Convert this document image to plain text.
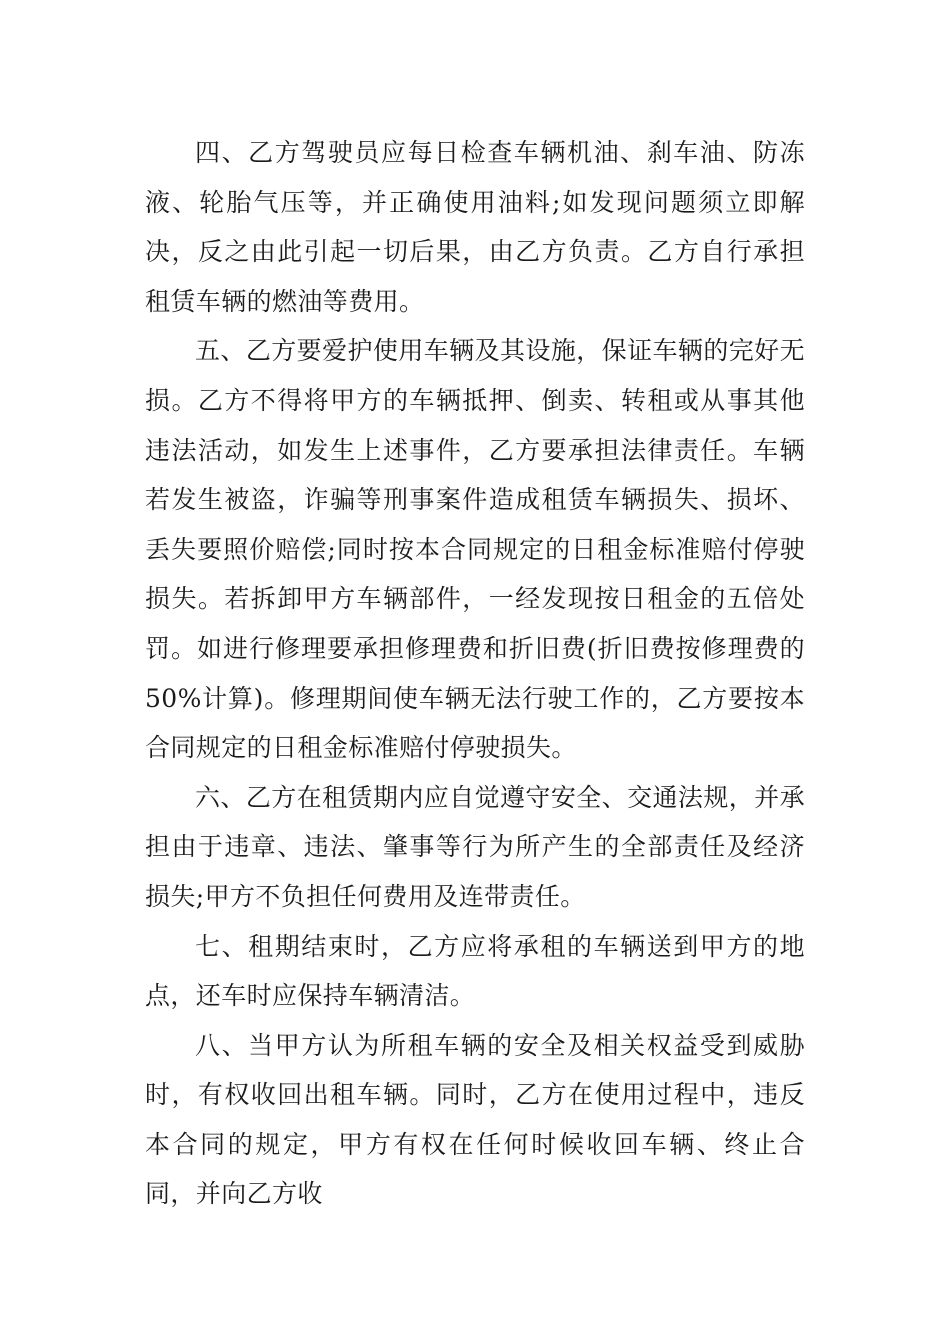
四、乙方驾驶员应每日检查车辆机油、刹车油、防冻液、轮胎气压等，并正确使用油料;如发现问题须立即解决，反之由此引起一切后果，由乙方负责。乙方自行承担租赁车辆的燃油等费用。

五、乙方要爱护使用车辆及其设施，保证车辆的完好无损。乙方不得将甲方的车辆抵押、倒卖、转租或从事其他违法活动，如发生上述事件，乙方要承担法律责任。车辆若发生被盗，诈骗等刑事案件造成租赁车辆损失、损坏、丢失要照价赔偿;同时按本合同规定的日租金标准赔付停驶损失。若拆卸甲方车辆部件，一经发现按日租金的五倍处罚。如进行修理要承担修理费和折旧费(折旧费按修理费的50%计算)。修理期间使车辆无法行驶工作的，乙方要按本合同规定的日租金标准赔付停驶损失。

六、乙方在租赁期内应自觉遵守安全、交通法规，并承担由于违章、违法、肇事等行为所产生的全部责任及经济损失;甲方不负担任何费用及连带责任。

七、租期结束时，乙方应将承租的车辆送到甲方的地点，还车时应保持车辆清洁。

八、当甲方认为所租车辆的安全及相关权益受到威胁时，有权收回出租车辆。同时，乙方在使用过程中，违反本合同的规定，甲方有权在任何时候收回车辆、终止合同，并向乙方收
